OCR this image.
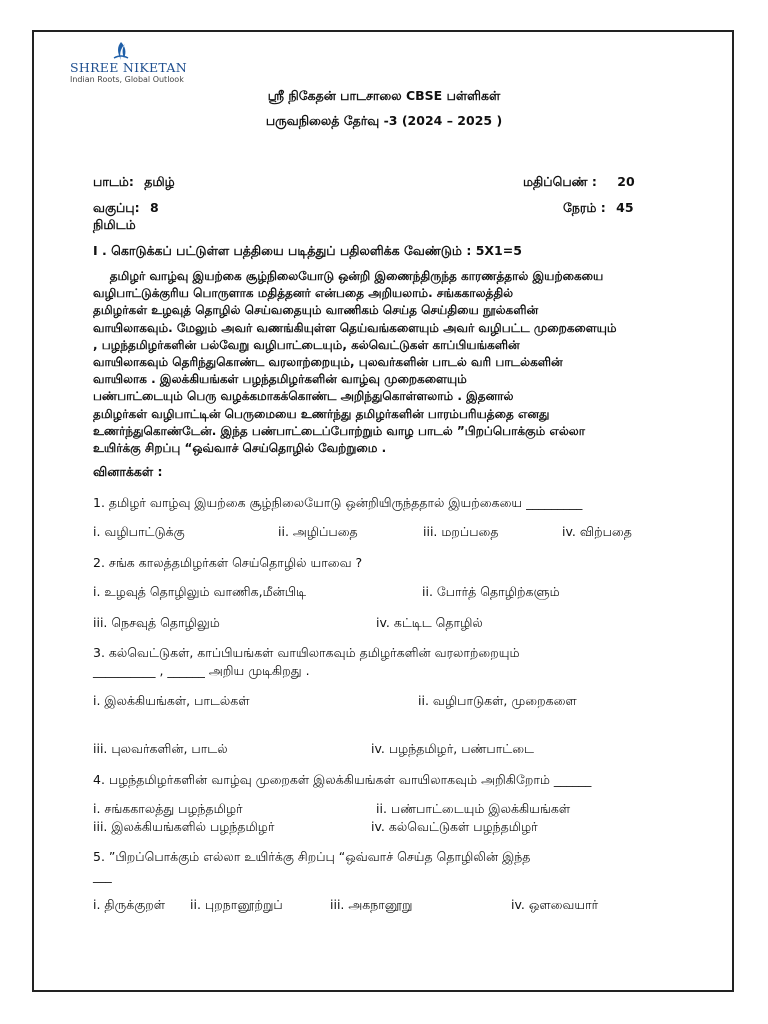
SHREE NIKETAN
Indian Roots, Global Outlook
ஸ்ரீ நிகேதன் பாடசாலை CBSE பள்ளிகள்
பருவநிலைத் தேர்வு -3 (2024 – 2025 )
பாடம்: தமிழ்	மதிப்பெண் : 20
வகுப்பு: 8	நேரம் : 45
நிமிடம்
I . கொடுக்கப் பட்டுள்ள பத்தியை படித்துப் பதிலளிக்க வேண்டும் : 5X1=5
தமிழர் வாழ்வு இயற்கை சூழ்நிலையோடு ஒன்றி இணைந்திருந்த காரணத்தால் இயற்கையை
வழிபாட்டுக்குரிய பொருளாக மதித்தனர் என்பதை அறியலாம். சங்ககாலத்தில்
தமிழர்கள் உழவுத் தொழில் செய்வதையும் வாணிகம் செய்த செய்தியை நூல்களின்
வாயிலாகவும். மேலும் அவர் வணங்கியுள்ள தெய்வங்களையும் அவர் வழிபட்ட முறைகளையும்
, பழந்தமிழர்களின் பல்வேறு வழிபாட்டையும், கல்வெட்டுகள் காப்பியங்களின்
வாயிலாகவும் தெரிந்துகொண்ட வரலாற்றையும், புலவர்களின் பாடல் வரி பாடல்களின்
வாயிலாக . இலக்கியங்கள் பழந்தமிழர்களின் வாழ்வு முறைகளையும்
பண்பாட்டையும் பெரு வழக்கமாகக்கொண்ட அறிந்துகொள்ளலாம் . இதனால்
தமிழர்கள் வழிபாட்டின் பெருமையை உணர்ந்து தமிழர்களின் பாரம்பரியத்தை எனது
உணர்ந்துகொண்டேன். இந்த பண்பாட்டைப்போற்றும் வாழ பாடல் ”பிறப்பொக்கும் எல்லா
உயிர்க்கு சிறப்பு “ஒவ்வாச் செய்தொழில் வேற்றுமை .
வினாக்கள் :
1. தமிழர் வாழ்வு இயற்கை சூழ்நிலையோடு ஒன்றியிருந்ததால் இயற்கையை _________
i. வழிபாட்டுக்கு	ii. அழிப்பதை	iii. மறப்பதை	iv. விற்பதை
2. சங்க காலத்தமிழர்கள் செய்தொழில் யாவை ?
i. உழவுத் தொழிலும் வாணிக,மீன்பிடி	ii. போர்த் தொழிற்களும்
iii. நெசவுத் தொழிலும்	iv. கட்டிட தொழில்
3. கல்வெட்டுகள், காப்பியங்கள் வாயிலாகவும் தமிழர்களின் வரலாற்றையும்
__________ , ______ அறிய முடிகிறது .
i. இலக்கியங்கள், பாடல்கள்	ii. வழிபாடுகள், முறைகளை
iii. புலவர்களின், பாடல்	iv. பழந்தமிழர், பண்பாட்டை
4. பழந்தமிழர்களின் வாழ்வு முறைகள் இலக்கியங்கள் வாயிலாகவும் அறிகிறோம் ______
i. சங்ககாலத்து பழந்தமிழர்	ii. பண்பாட்டையும் இலக்கியங்கள்
iii. இலக்கியங்களில் பழந்தமிழர்	iv. கல்வெட்டுகள் பழந்தமிழர்
5. ”பிறப்பொக்கும் எல்லா உயிர்க்கு சிறப்பு “ஒவ்வாச் செய்த தொழிலின் இந்த
___
i. திருக்குறள் ii. புறநானூற்றுப்	iii. அகநானூறு	iv. ஒளவையார்
